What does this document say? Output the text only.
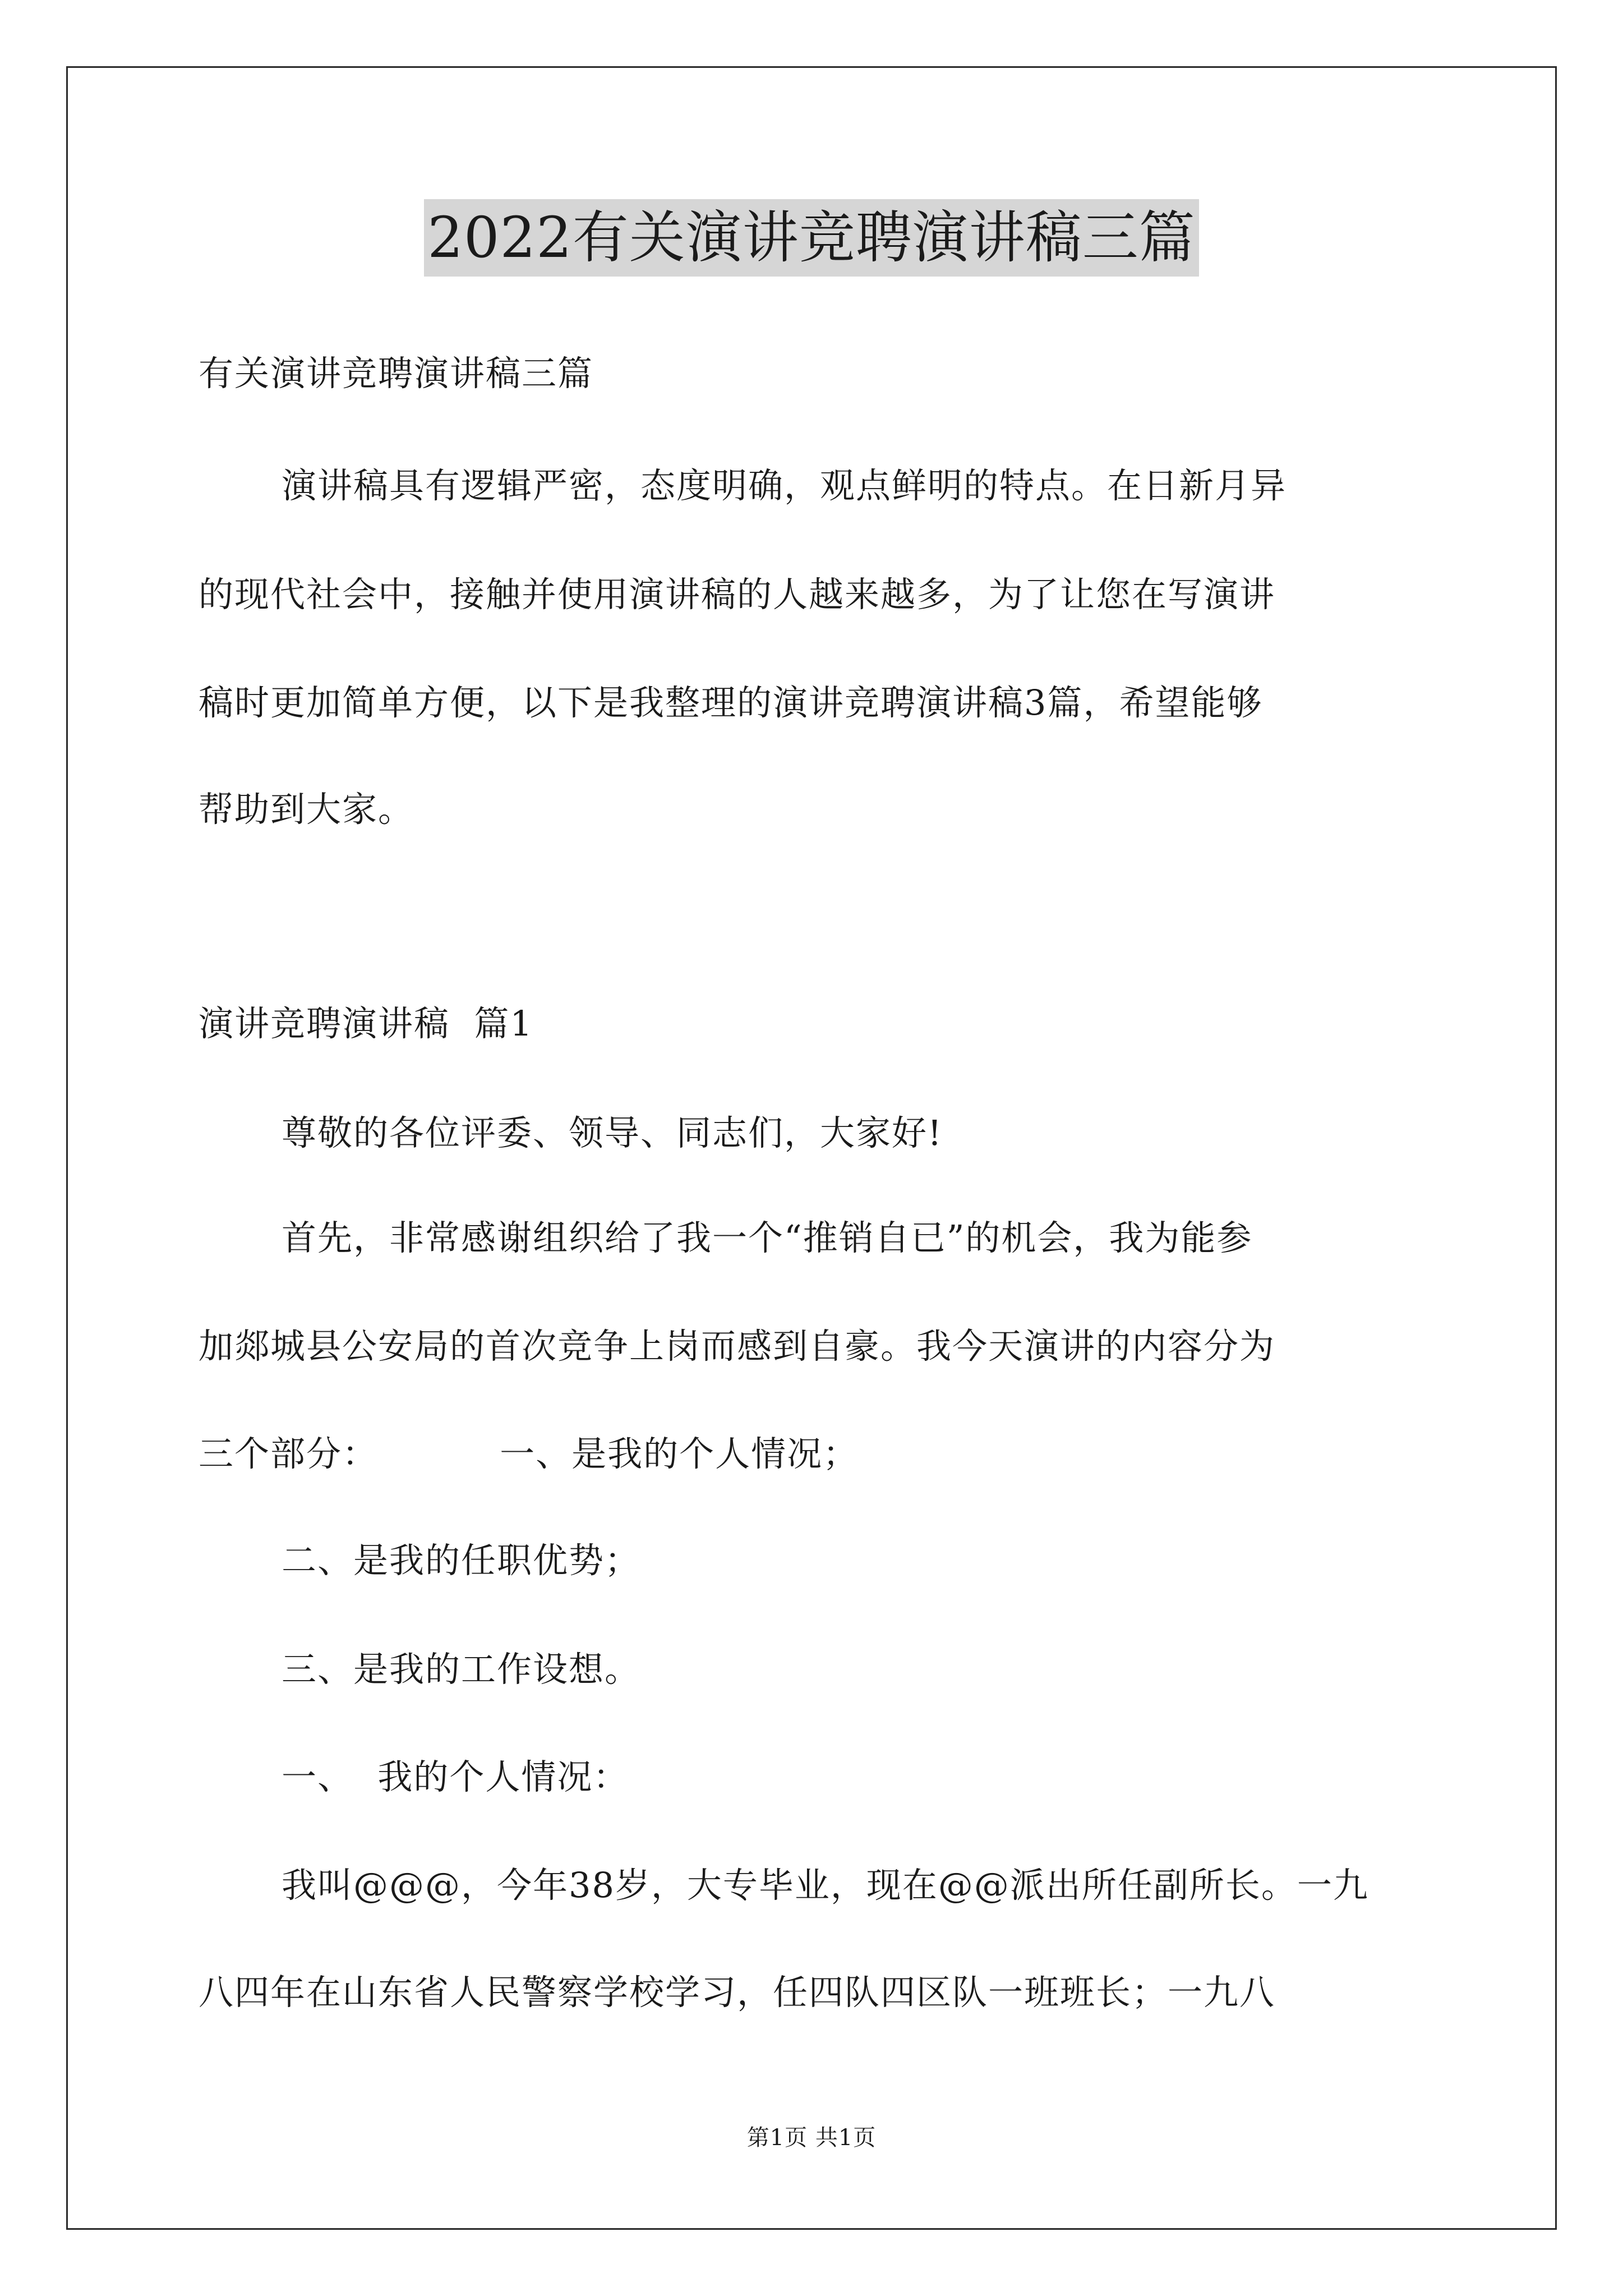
2022有关演讲竞聘演讲稿三篇
有关演讲竞聘演讲稿三篇
演讲稿具有逻辑严密，态度明确，观点鲜明的特点。在日新月异
的现代社会中，接触并使用演讲稿的人越来越多，为了让您在写演讲
稿时更加简单方便，以下是我整理的演讲竞聘演讲稿3篇，希望能够
帮助到大家。
演讲竞聘演讲稿  篇1
尊敬的各位评委、领导、同志们，大家好!
首先，非常感谢组织给了我一个“推销自已”的机会，我为能参
加郯城县公安局的首次竞争上岗而感到自豪。我今天演讲的内容分为
三个部分：          一、是我的个人情况；
二、是我的任职优势；
三、是我的工作设想。
一、  我的个人情况：
我叫@@@，今年38岁，大专毕业，现在@@派出所任副所长。一九
八四年在山东省人民警察学校学习，任四队四区队一班班长；一九八
第1页 共1页
